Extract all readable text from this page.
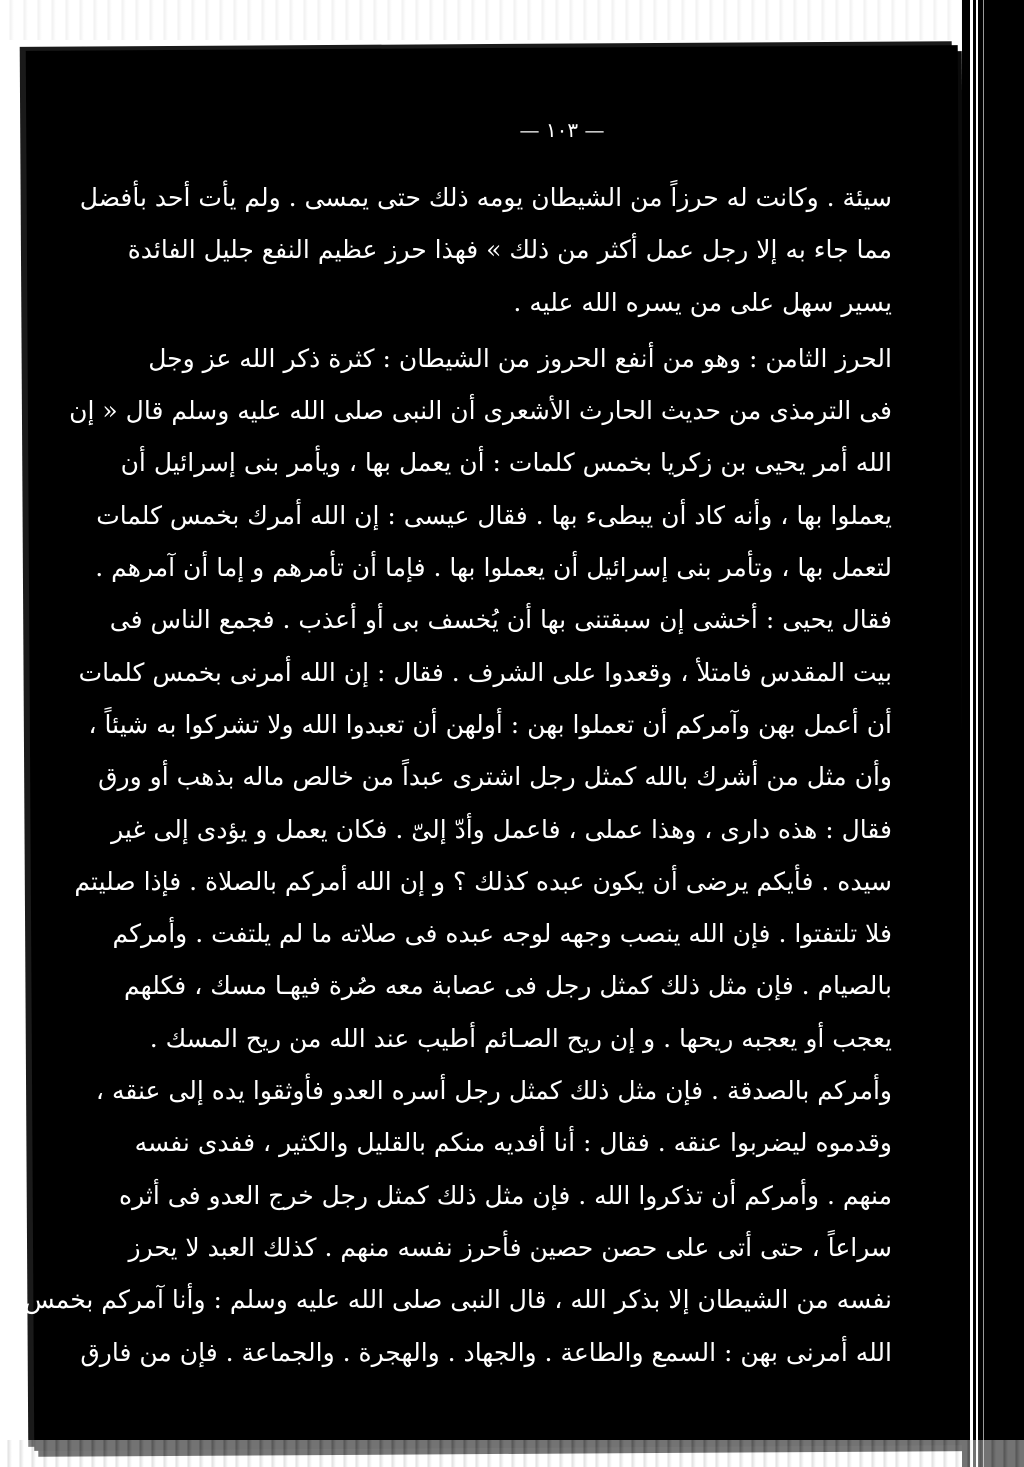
— ١٠٣ —
سيئة . وكانت له حرزاً من الشيطان يومه ذلك حتى يمسى . ولم يأت أحد بأفضل
مما جاء به إلا رجل عمل أكثر من ذلك » فهذا حرز عظيم النفع جليل الفائدة
يسير سهل على من يسره الله عليه .
الحرز الثامن : وهو من أنفع الحروز من الشيطان : كثرة ذكر الله عز وجل
فى الترمذى من حديث الحارث الأشعرى أن النبى صلى الله عليه وسلم قال « إن
الله أمر يحيى بن زكريا بخمس كلمات : أن يعمل بها ، ويأمر بنى إسرائيل أن
يعملوا بها ، وأنه كاد أن يبطىء بها . فقال عيسى : إن الله أمرك بخمس كلمات
لتعمل بها ، وتأمر بنى إسرائيل أن يعملوا بها . فإما أن تأمرهم و إما أن آمرهم .
فقال يحيى : أخشى إن سبقتنى بها أن يُخسف بى أو أعذب . فجمع الناس فى
بيت المقدس فامتلأ ، وقعدوا على الشرف . فقال : إن الله أمرنى بخمس كلمات
أن أعمل بهن وآمركم أن تعملوا بهن : أولهن أن تعبدوا الله ولا تشركوا به شيئاً ،
وأن مثل من أشرك بالله كمثل رجل اشترى عبداً من خالص ماله بذهب أو ورق
فقال : هذه دارى ، وهذا عملى ، فاعمل وأدّ إلىّ . فكان يعمل و يؤدى إلى غير
سيده . فأيكم يرضى أن يكون عبده كذلك ؟ و إن الله أمركم بالصلاة . فإذا صليتم
فلا تلتفتوا . فإن الله ينصب وجهه لوجه عبده فى صلاته ما لم يلتفت . وأمركم
بالصيام . فإن مثل ذلك كمثل رجل فى عصابة معه صُرة فيهـا مسك ، فكلهم
يعجب أو يعجبه ريحها . و إن ريح الصـائم أطيب عند الله من ريح المسك .
وأمركم بالصدقة . فإن مثل ذلك كمثل رجل أسره العدو فأوثقوا يده إلى عنقه ،
وقدموه ليضربوا عنقه . فقال : أنا أفديه منكم بالقليل والكثير ، ففدى نفسه
منهم . وأمركم أن تذكروا الله . فإن مثل ذلك كمثل رجل خرج العدو فى أثره
سراعاً ، حتى أتى على حصن حصين فأحرز نفسه منهم . كذلك العبد لا يحرز
نفسه من الشيطان إلا بذكر الله ، قال النبى صلى الله عليه وسلم : وأنا آمركم بخمس
الله أمرنى بهن : السمع والطاعة . والجهاد . والهجرة . والجماعة . فإن من فارق
